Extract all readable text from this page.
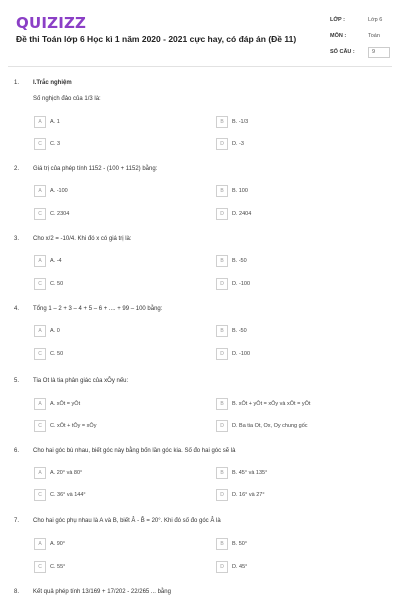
QUIZIZZ
Đề thi Toán lớp 6 Học kì 1 năm 2020 - 2021 cực hay, có đáp án (Đề 11)
LỚP :	Lớp 6
MÔN :	Toán
SỐ CÂU :	9
1. I.Trắc nghiệm
Số nghịch đảo của 1/3 là:
A	A. 1	B	B. -1/3
C	C. 3	D	D. -3
2. Giá trị của phép tính 1152 - (100 + 1152) bằng:
A	A. -100	B	B. 100
C	C. 2304	D	D. 2404
3. Cho x/2 = -10/4. Khi đó x có giá trị là:
A	A. -4	B	B. -50
C	C. 50	D	D. -100
4. Tổng 1 – 2 + 3 – 4 + 5 – 6 + .... + 99 – 100 bằng:
A	A. 0	B	B. -50
C	C. 50	D	D. -100
5. Tia Ot là tia phân giác của xÔy nếu:
A	A. xÔt = yÔt	B	B. xÔt + yÔt = xÔy và xÔt = yÔt
C	C. xÔt + tÔy = xÔy	D	D. Ba tia Ot, Ox, Oy chung gốc
6. Cho hai góc bù nhau, biết góc này bằng bốn lần góc kia. Số đo hai góc sẽ là
A	A. 20° và 80°	B	B. 45° và 135°
C	C. 36° và 144°	D	D. 16° và 27°
7. Cho hai góc phụ nhau là A và B, biết Â - B̂ = 20°. Khi đó số đo góc Â là
A	A. 90°	B	B. 50°
C	C. 55°	D	D. 45°
8. Kết quả phép tính 13/169 + 17/202 - 22/265 ... bằng
